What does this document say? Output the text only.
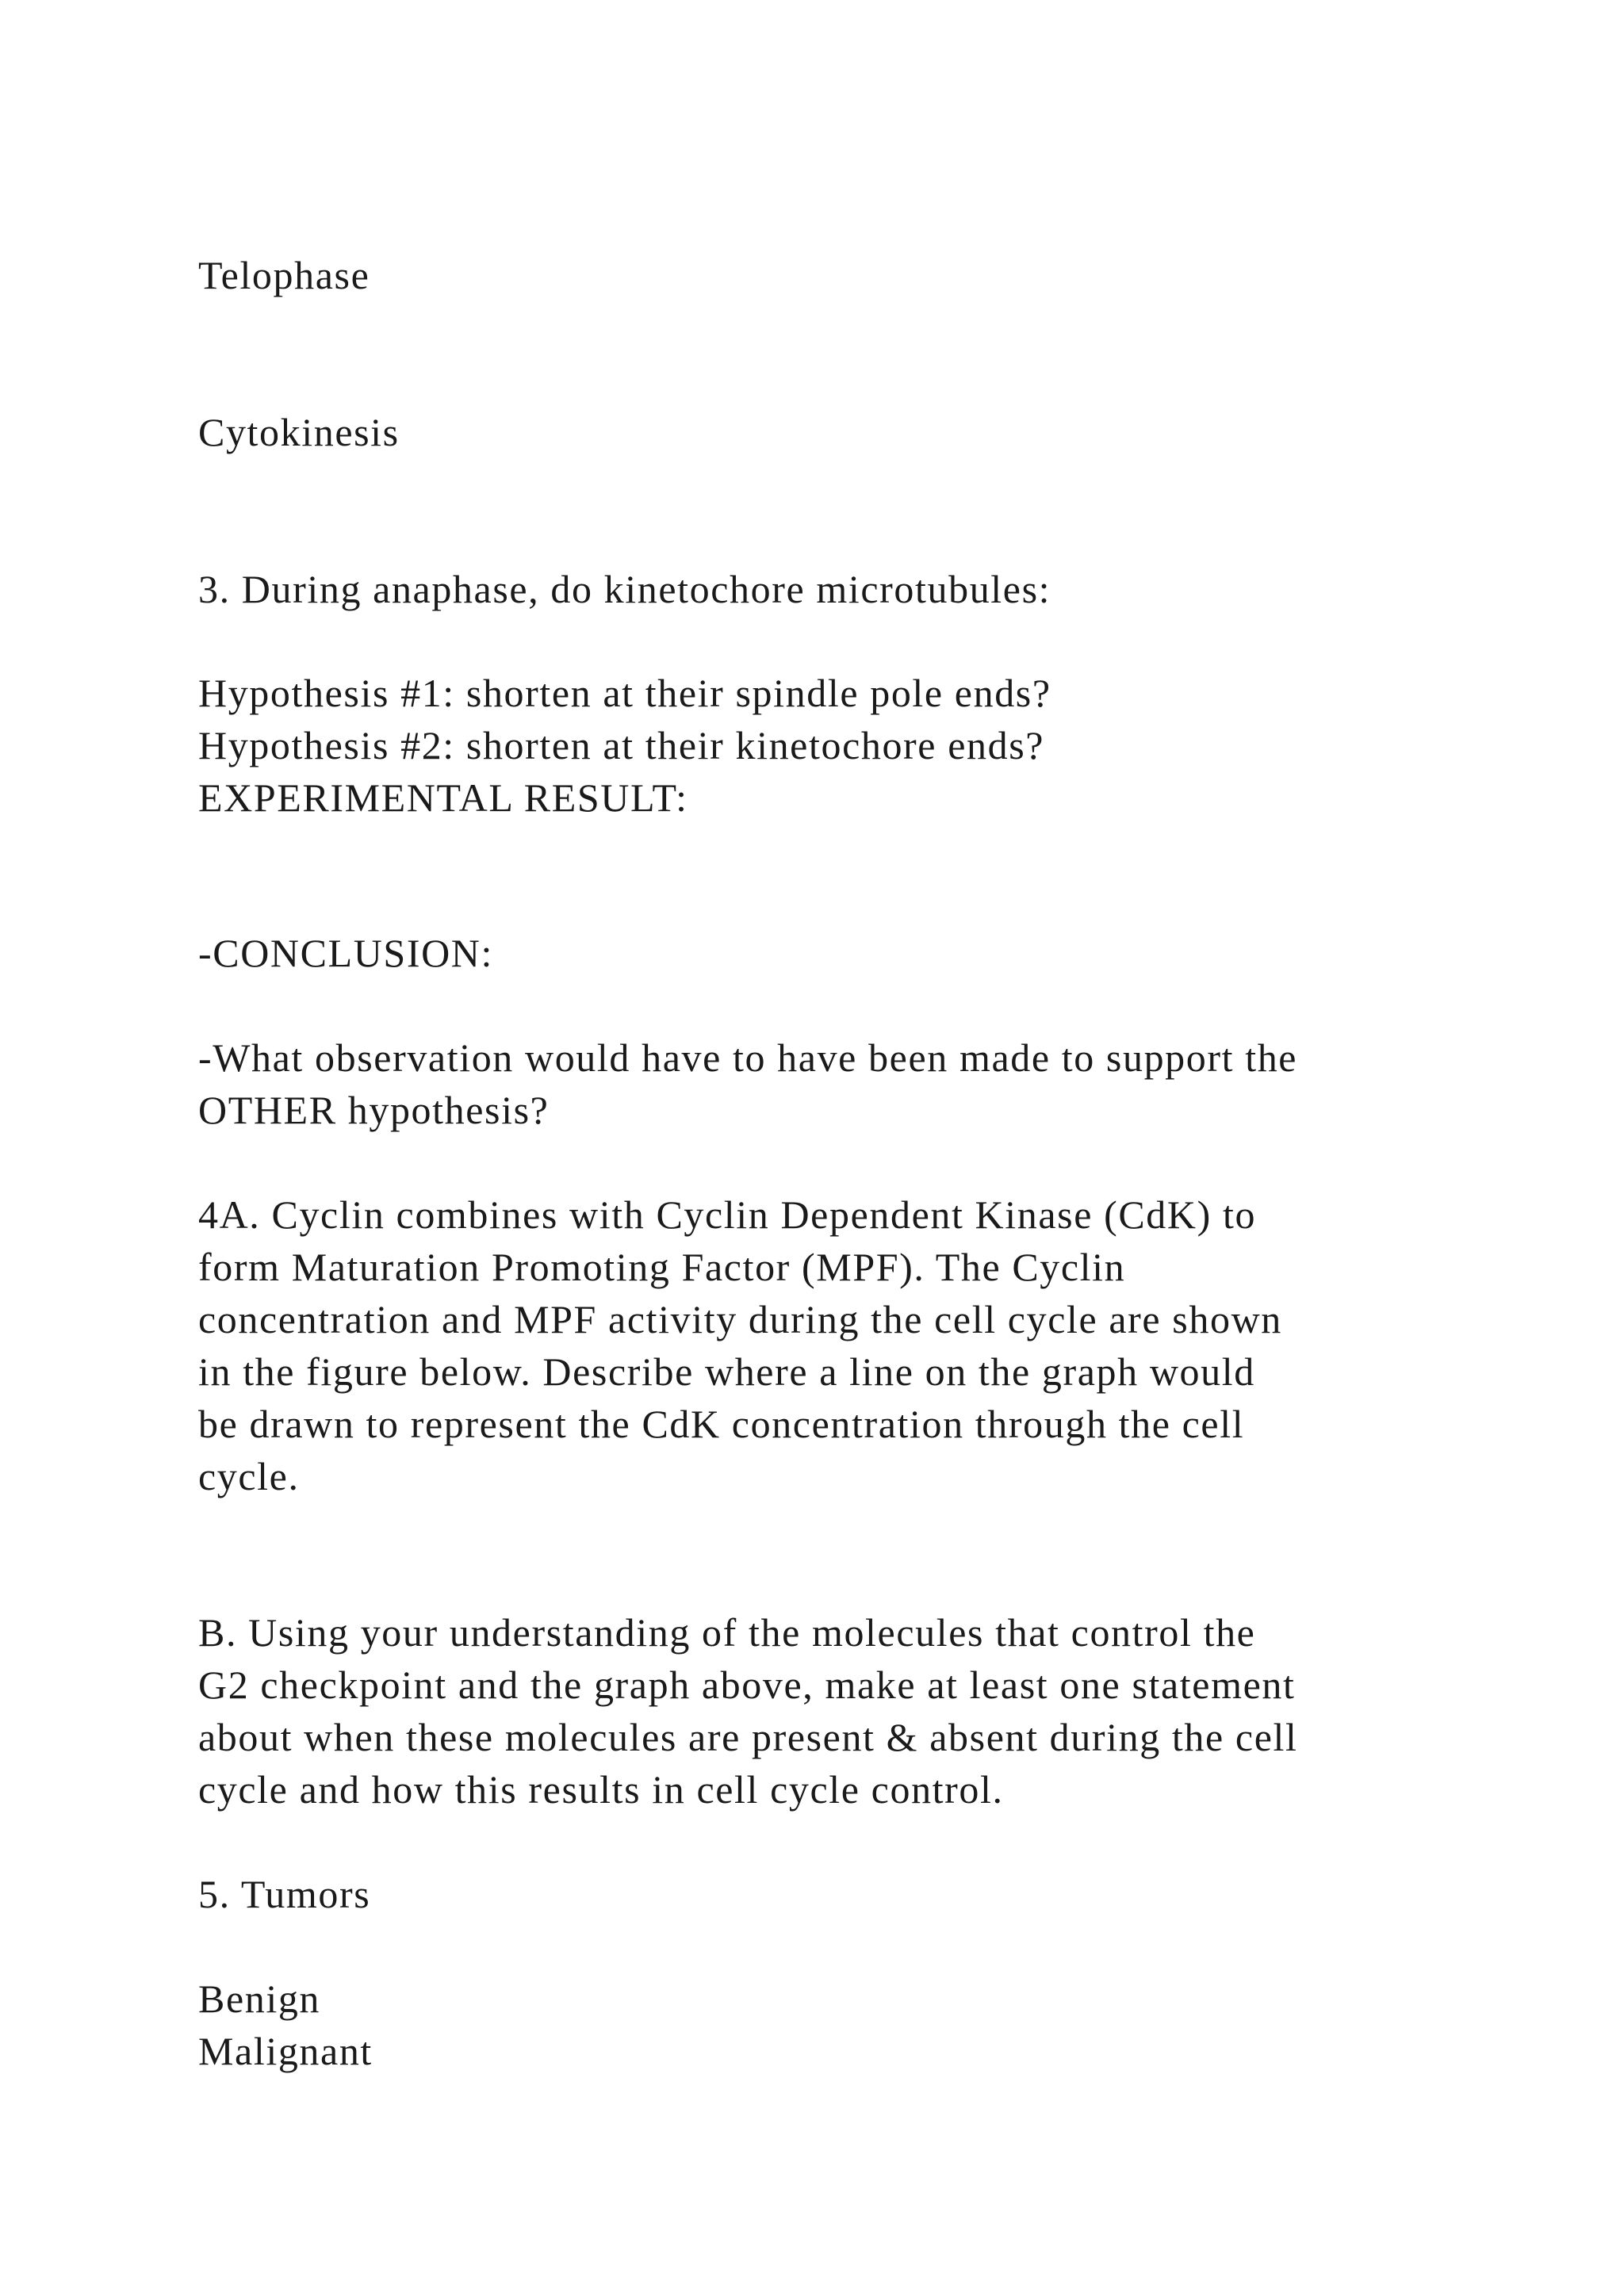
Telophase
Cytokinesis
3. During anaphase, do kinetochore microtubules:
Hypothesis #1: shorten at their spindle pole ends?
Hypothesis #2: shorten at their kinetochore ends?
EXPERIMENTAL RESULT:
-CONCLUSION:
-What observation would have to have been made to support the
OTHER hypothesis?
4A. Cyclin combines with Cyclin Dependent Kinase (CdK) to
form Maturation Promoting Factor (MPF). The Cyclin
concentration and MPF activity during the cell cycle are shown
in the figure below. Describe where a line on the graph would
be drawn to represent the CdK concentration through the cell
cycle.
B. Using your understanding of the molecules that control the
G2 checkpoint and the graph above, make at least one statement
about when these molecules are present & absent during the cell
cycle and how this results in cell cycle control.
5. Tumors
Benign
Malignant
